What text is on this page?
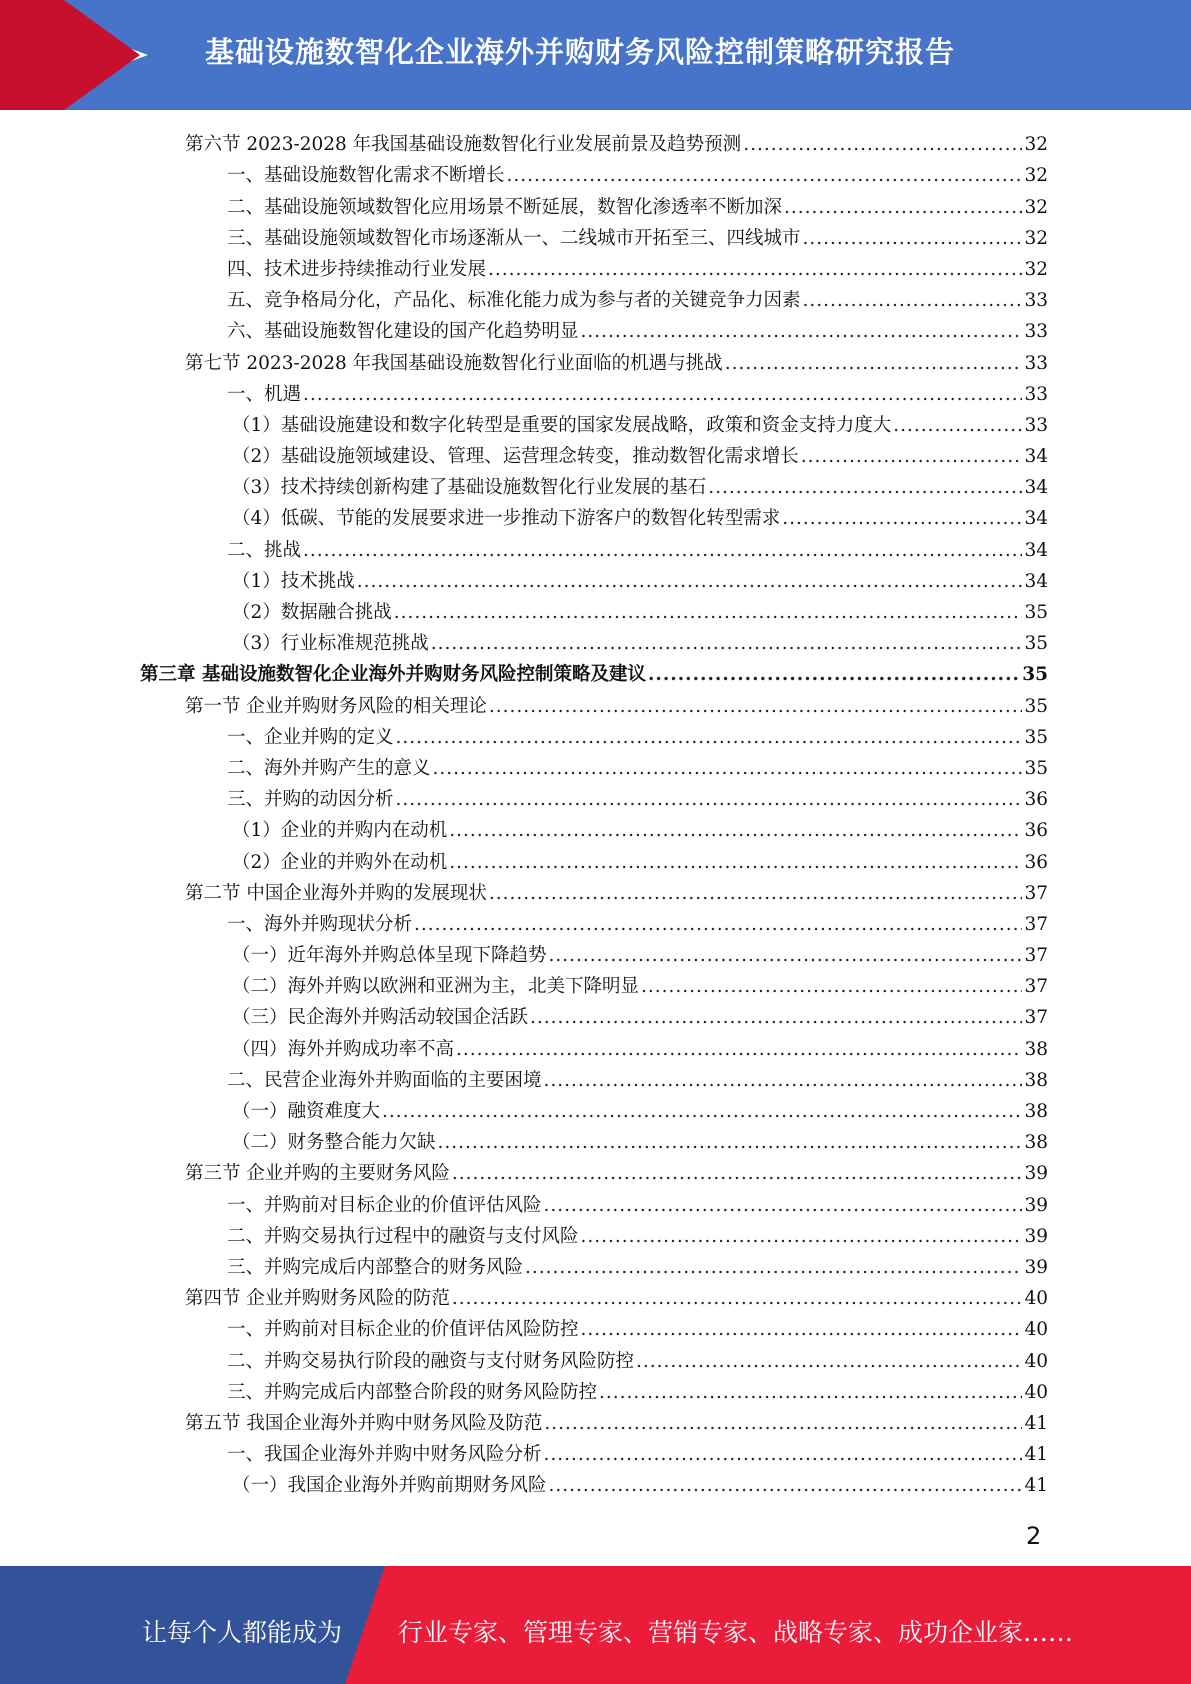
基础设施数智化企业海外并购财务风险控制策略研究报告
第六节 2023-2028 年我国基础设施数智化行业发展前景及趋势预测 .....	32
一、基础设施数智化需求不断增长 .....	32
二、基础设施领域数智化应用场景不断延展，数智化渗透率不断加深 .....	32
三、基础设施领域数智化市场逐渐从一、二线城市开拓至三、四线城市 .....	32
四、技术进步持续推动行业发展 .....	32
五、竞争格局分化，产品化、标准化能力成为参与者的关键竞争力因素 .....	33
六、基础设施数智化建设的国产化趋势明显 .....	33
第七节 2023-2028 年我国基础设施数智化行业面临的机遇与挑战 .....	33
一、机遇 .....	33
（1）基础设施建设和数字化转型是重要的国家发展战略，政策和资金支持力度大 .....	33
（2）基础设施领域建设、管理、运营理念转变，推动数智化需求增长 .....	34
（3）技术持续创新构建了基础设施数智化行业发展的基石 .....	34
（4）低碳、节能的发展要求进一步推动下游客户的数智化转型需求 .....	34
二、挑战 .....	34
（1）技术挑战 .....	34
（2）数据融合挑战 .....	35
（3）行业标准规范挑战 .....	35
第三章 基础设施数智化企业海外并购财务风险控制策略及建议 .....	35
第一节 企业并购财务风险的相关理论 .....	35
一、企业并购的定义 .....	35
二、海外并购产生的意义 .....	35
三、并购的动因分析 .....	36
（1）企业的并购内在动机 .....	36
（2）企业的并购外在动机 .....	36
第二节 中国企业海外并购的发展现状 .....	37
一、海外并购现状分析 .....	37
（一）近年海外并购总体呈现下降趋势 .....	37
（二）海外并购以欧洲和亚洲为主，北美下降明显 .....	37
（三）民企海外并购活动较国企活跃 .....	37
（四）海外并购成功率不高 .....	38
二、民营企业海外并购面临的主要困境 .....	38
（一）融资难度大 .....	38
（二）财务整合能力欠缺 .....	38
第三节 企业并购的主要财务风险 .....	39
一、并购前对目标企业的价值评估风险 .....	39
二、并购交易执行过程中的融资与支付风险 .....	39
三、并购完成后内部整合的财务风险 .....	39
第四节 企业并购财务风险的防范 .....	40
一、并购前对目标企业的价值评估风险防控 .....	40
二、并购交易执行阶段的融资与支付财务风险防控 .....	40
三、并购完成后内部整合阶段的财务风险防控 .....	40
第五节 我国企业海外并购中财务风险及防范 .....	41
一、我国企业海外并购中财务风险分析 .....	41
（一）我国企业海外并购前期财务风险 .....	41
2
让每个人都能成为 行业专家、管理专家、营销专家、战略专家、成功企业家……
